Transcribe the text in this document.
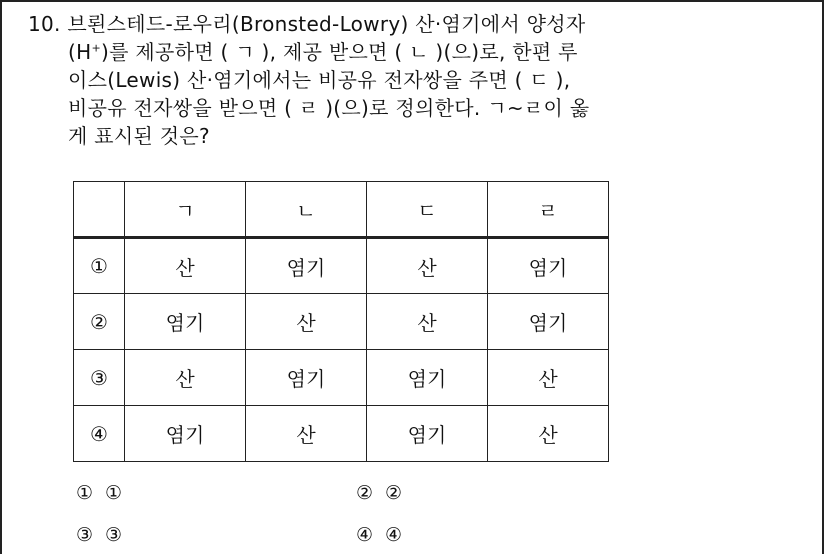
10. 브뢴스테드-로우리(Bronsted-Lowry) 산·염기에서 양성자
(H+)를 제공하면 ( ㄱ ), 제공 받으면 ( ㄴ )(으)로, 한편 루
이스(Lewis) 산·염기에서는 비공유 전자쌍을 주면 ( ㄷ ),
비공유 전자쌍을 받으면 ( ㄹ )(으)로 정의한다. ㄱ~ㄹ이 옳
게 표시된 것은?
	ㄱ	ㄴ	ㄷ	ㄹ
①	산	염기	산	염기
②	염기	산	산	염기
③	산	염기	염기	산
④	염기	산	염기	산
① ①	② ②
③ ③	④ ④
